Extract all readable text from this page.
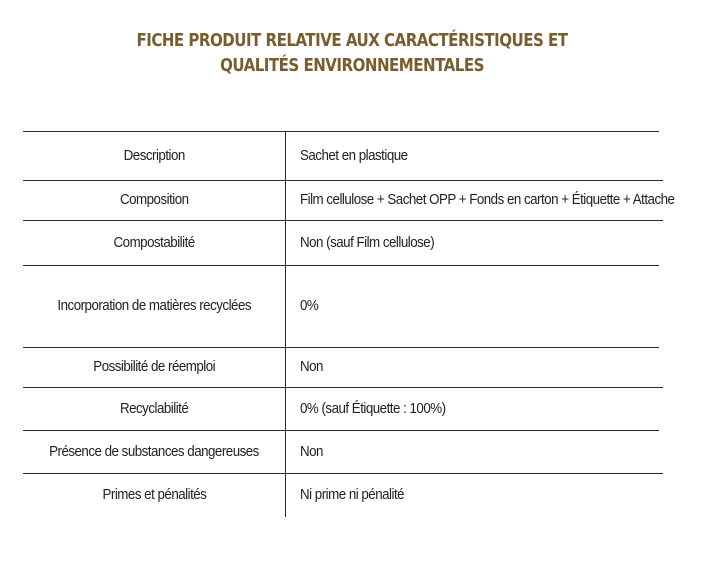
FICHE PRODUIT RELATIVE AUX CARACTÉRISTIQUES ET
QUALITÉS ENVIRONNEMENTALES
Description	Sachet en plastique
Composition	Film cellulose + Sachet OPP + Fonds en carton + Étiquette + Attache
Compostabilité	Non (sauf Film cellulose)
Incorporation de matières recyclées	0%
Possibilité de réemploi	Non
Recyclabilité	0% (sauf Étiquette : 100%)
Présence de substances dangereuses	Non
Primes et pénalités	Ni prime ni pénalité
